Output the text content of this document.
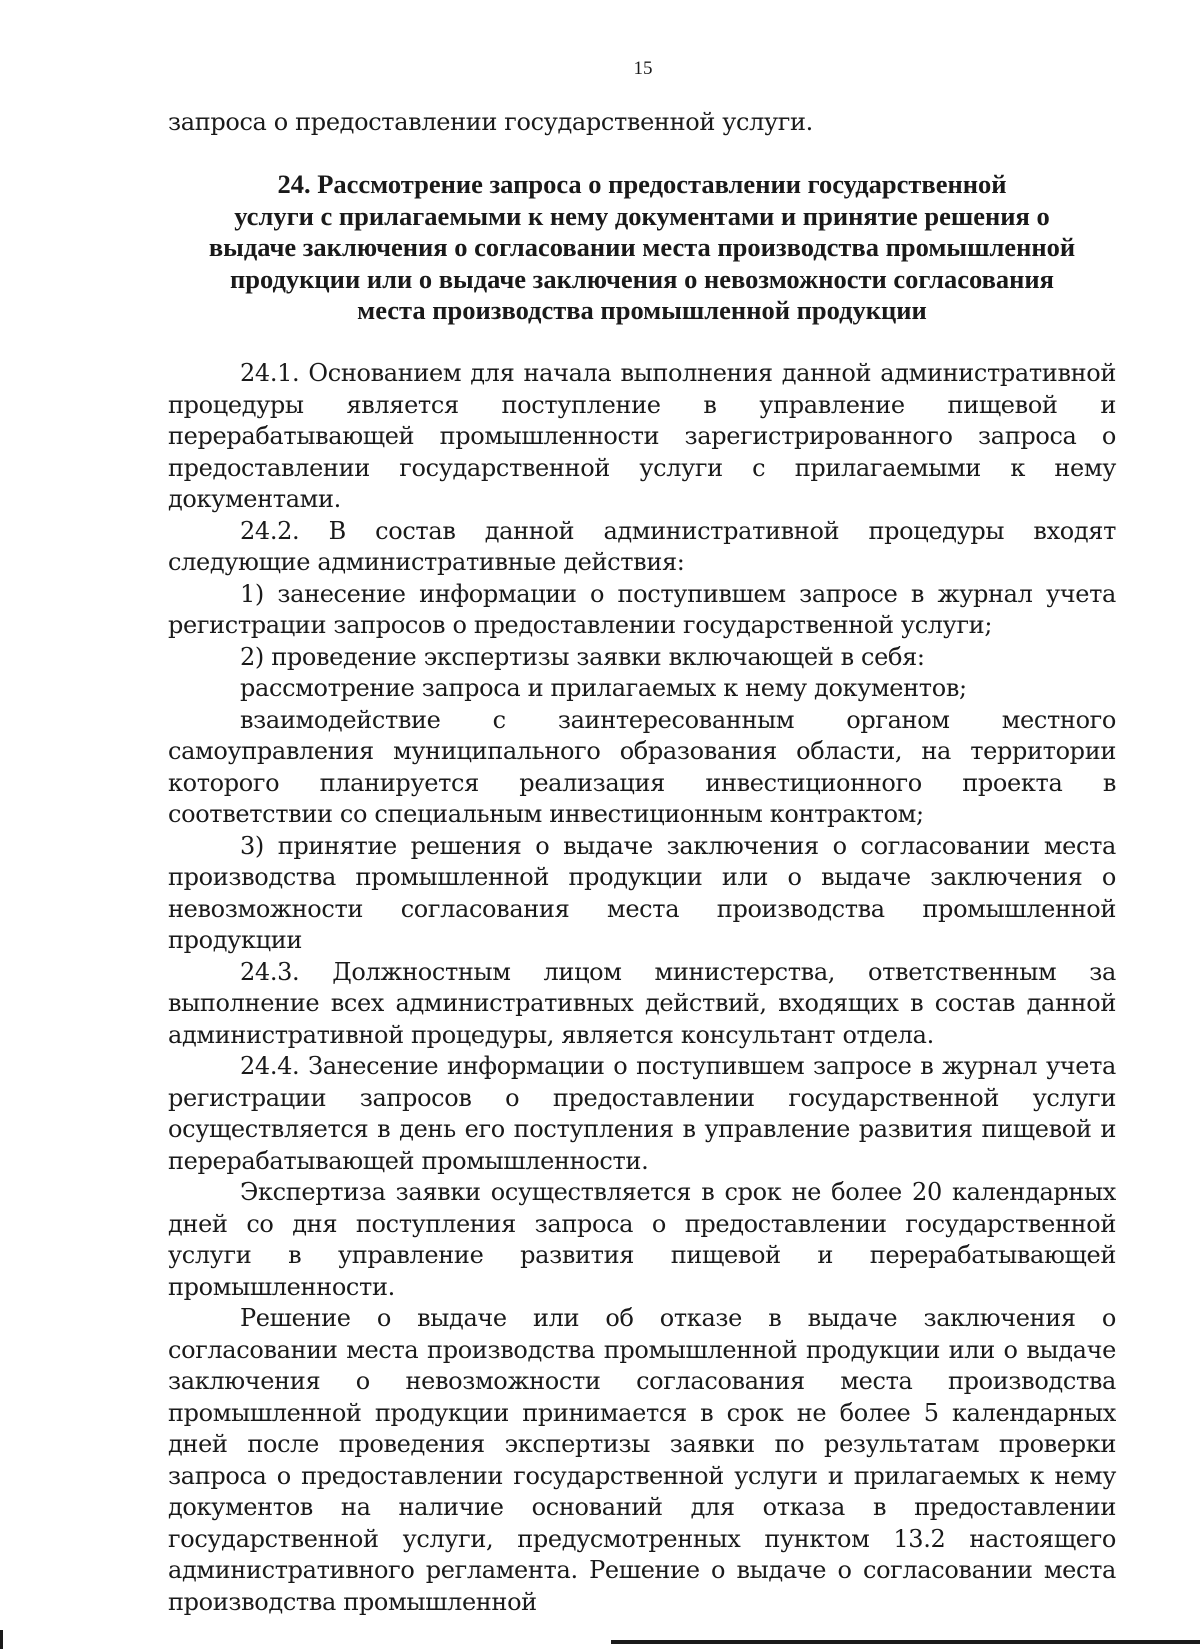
15

запроса о предоставлении государственной услуги.

24. Рассмотрение запроса о предоставлении государственной
услуги с прилагаемыми к нему документами и принятие решения о
выдаче заключения о согласовании места производства промышленной
продукции или о выдаче заключения о невозможности согласования
места производства промышленной продукции

24.1. Основанием для начала выполнения данной административной процедуры является поступление в управление пищевой и перерабатывающей промышленности зарегистрированного запроса о предоставлении государственной услуги с прилагаемыми к нему документами.

24.2. В состав данной административной процедуры входят следующие административные действия:

1) занесение информации о поступившем запросе в журнал учета регистрации запросов о предоставлении государственной услуги;

2) проведение экспертизы заявки включающей в себя:

рассмотрение запроса и прилагаемых к нему документов;

взаимодействие с заинтересованным органом местного самоуправления муниципального образования области, на территории которого планируется реализация инвестиционного проекта в соответствии со специальным инвестиционным контрактом;

3) принятие решения о выдаче заключения о согласовании места производства промышленной продукции или о выдаче заключения о невозможности согласования места производства промышленной продукции

24.3. Должностным лицом министерства, ответственным за выполнение всех административных действий, входящих в состав данной административной процедуры, является консультант отдела.

24.4. Занесение информации о поступившем запросе в журнал учета регистрации запросов о предоставлении государственной услуги осуществляется в день его поступления в управление развития пищевой и перерабатывающей промышленности.

Экспертиза заявки осуществляется в срок не более 20 календарных дней со дня поступления запроса о предоставлении государственной услуги в управление развития пищевой и перерабатывающей промышленности.

Решение о выдаче или об отказе в выдаче заключения о согласовании места производства промышленной продукции или о выдаче заключения о невозможности согласования места производства промышленной продукции принимается в срок не более 5 календарных дней после проведения экспертизы заявки по результатам проверки запроса о предоставлении государственной услуги и прилагаемых к нему документов на наличие оснований для отказа в предоставлении государственной услуги, предусмотренных пунктом 13.2 настоящего административного регламента. Решение о выдаче о согласовании места производства промышленной
